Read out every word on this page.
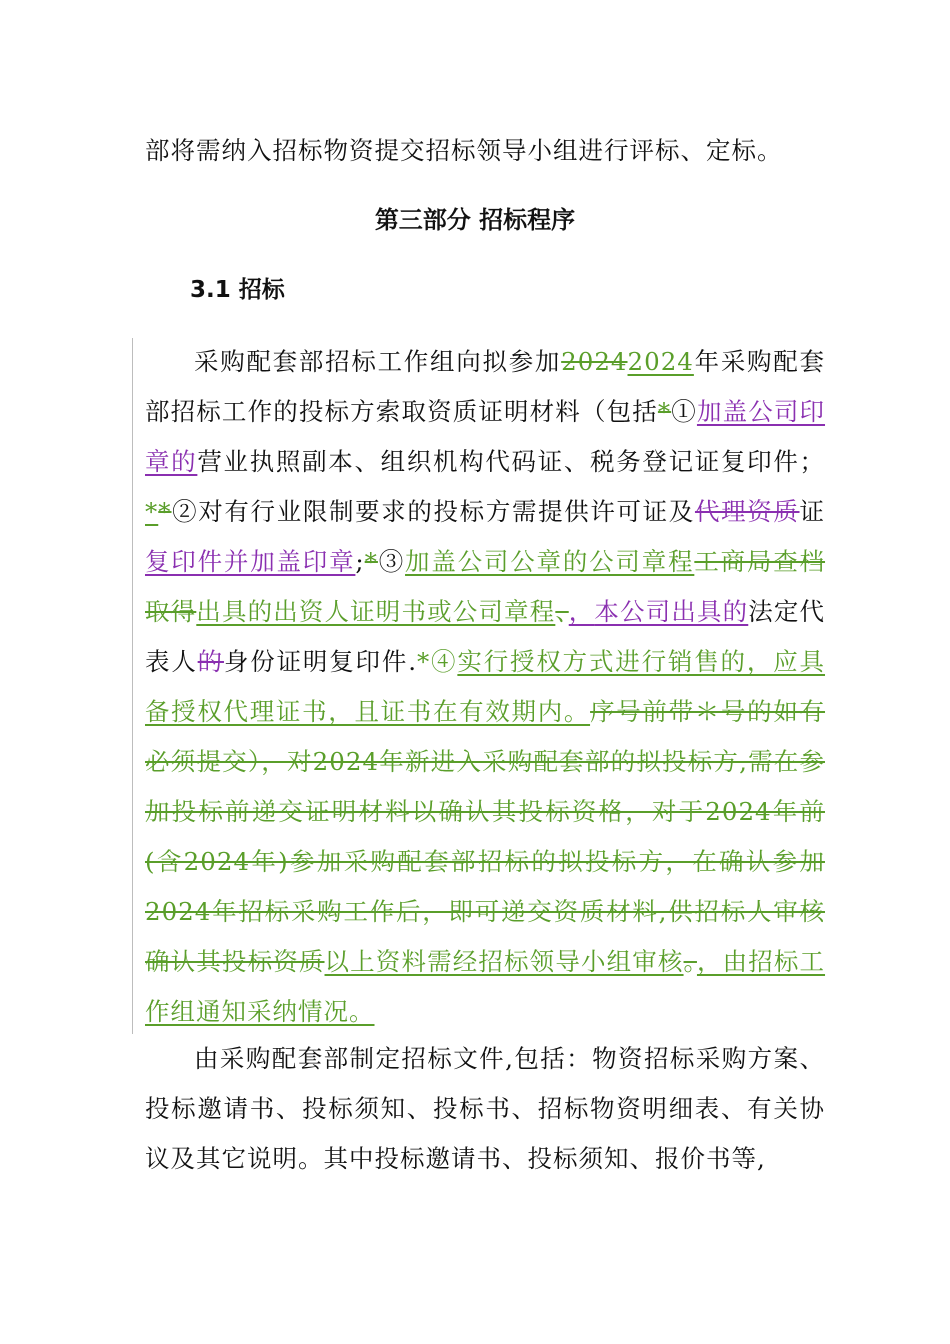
部将需纳入招标物资提交招标领导小组进行评标、定标。

第三部分 招标程序
3.1 招标

采购配套部招标工作组向拟参加20242024年采购配套部招标工作的投标方索取资质证明材料（包括*①加盖公司印章的营业执照副本、组织机构代码证、税务登记证复印件；**②对有行业限制要求的投标方需提供许可证及代理资质证复印件并加盖印章;*③加盖公司公章的公司章程工商局查档取得出具的出资人证明书或公司章程、，本公司出具的法定代表人的身份证明复印件.*④实行授权方式进行销售的，应具备授权代理证书，且证书在有效期内。序号前带＊号的如有必须提交），对2024年新进入采购配套部的拟投标方,需在参加投标前递交证明材料以确认其投标资格，对于2024年前(含2024年)参加采购配套部招标的拟投标方，在确认参加2024年招标采购工作后，即可递交资质材料,供招标人审核确认其投标资质以上资料需经招标领导小组审核。，由招标工作组通知采纳情况。

由采购配套部制定招标文件,包括：物资招标采购方案、投标邀请书、投标须知、投标书、招标物资明细表、有关协议及其它说明。其中投标邀请书、投标须知、报价书等,
